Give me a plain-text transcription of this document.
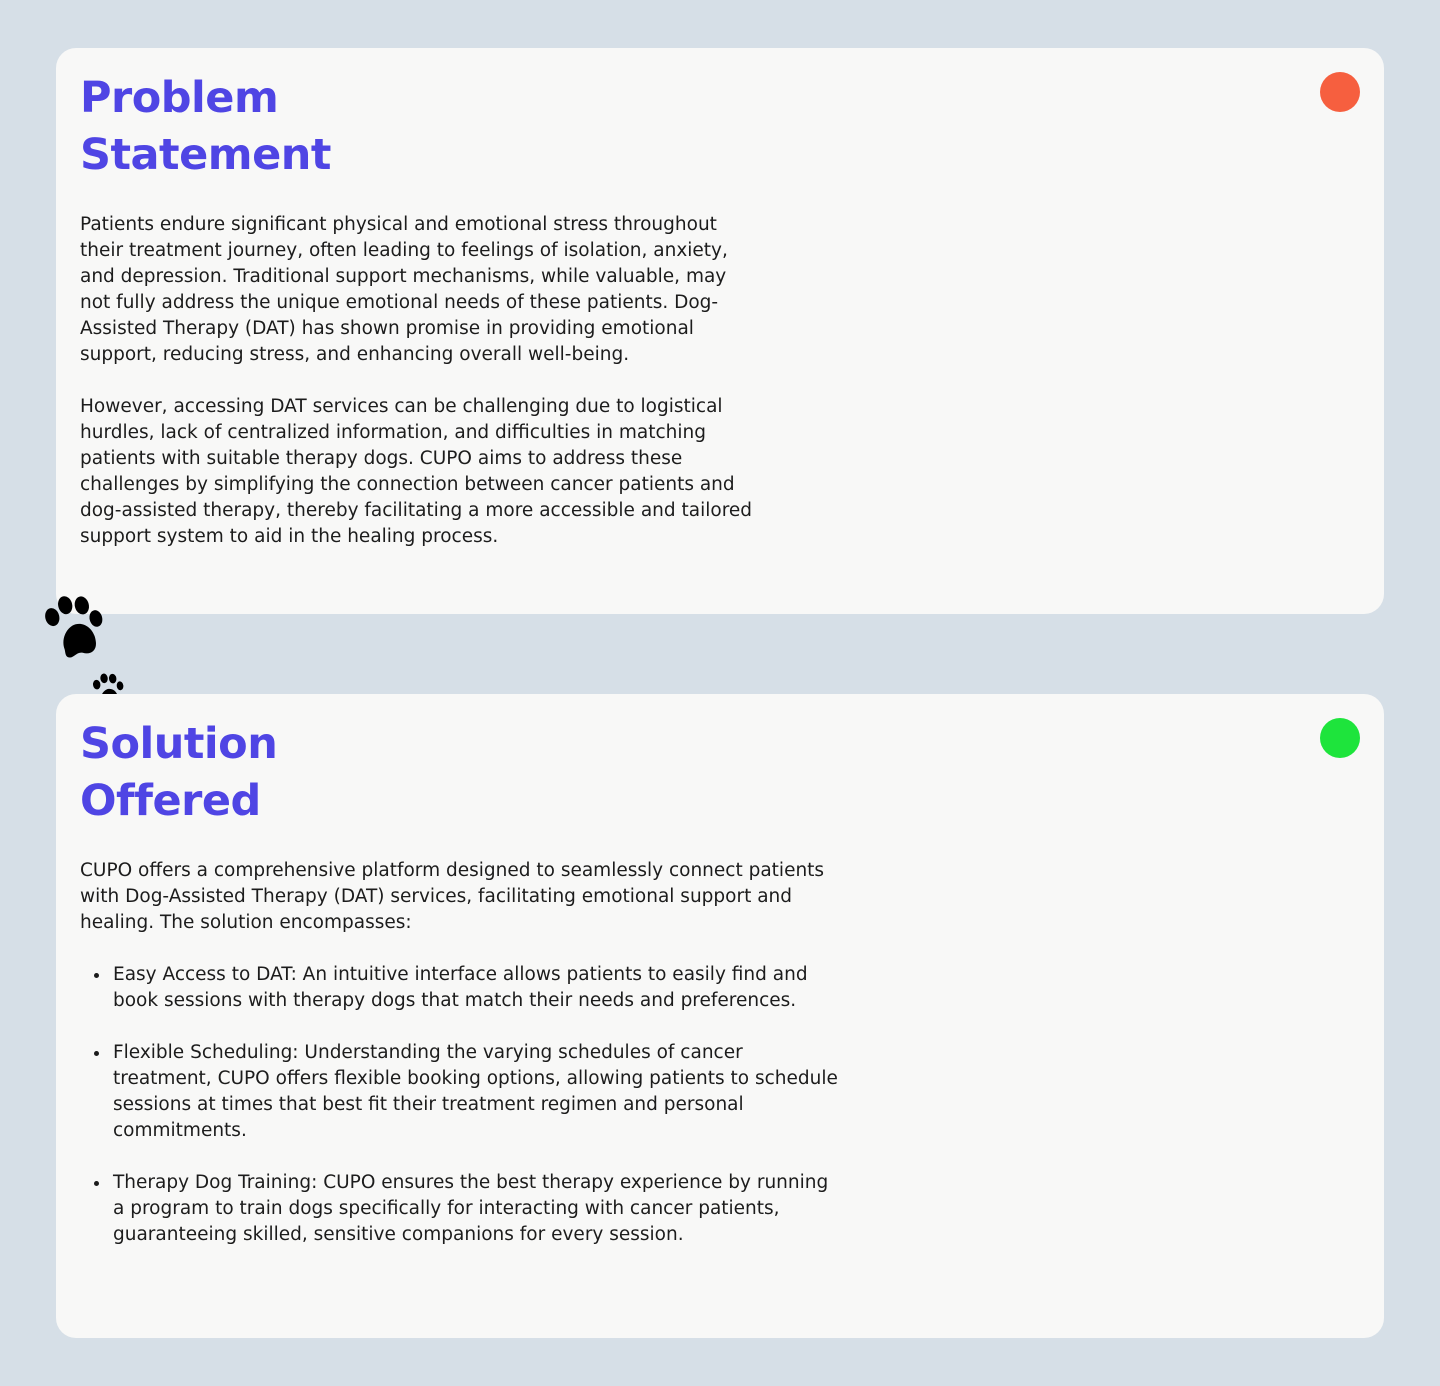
Problem
Statement

Patients endure significant physical and emotional stress throughout their treatment journey, often leading to feelings of isolation, anxiety, and depression. Traditional support mechanisms, while valuable, may not fully address the unique emotional needs of these patients. Dog-Assisted Therapy (DAT) has shown promise in providing emotional support, reducing stress, and enhancing overall well-being.

However, accessing DAT services can be challenging due to logistical hurdles, lack of centralized information, and difficulties in matching patients with suitable therapy dogs. CUPO aims to address these challenges by simplifying the connection between cancer patients and dog-assisted therapy, thereby facilitating a more accessible and tailored support system to aid in the healing process.

Solution
Offered

CUPO offers a comprehensive platform designed to seamlessly connect patients with Dog-Assisted Therapy (DAT) services, facilitating emotional support and healing. The solution encompasses:

Easy Access to DAT: An intuitive interface allows patients to easily find and book sessions with therapy dogs that match their needs and preferences.
Flexible Scheduling: Understanding the varying schedules of cancer treatment, CUPO offers flexible booking options, allowing patients to schedule sessions at times that best fit their treatment regimen and personal commitments.
Therapy Dog Training: CUPO ensures the best therapy experience by running a program to train dogs specifically for interacting with cancer patients, guaranteeing skilled, sensitive companions for every session.
